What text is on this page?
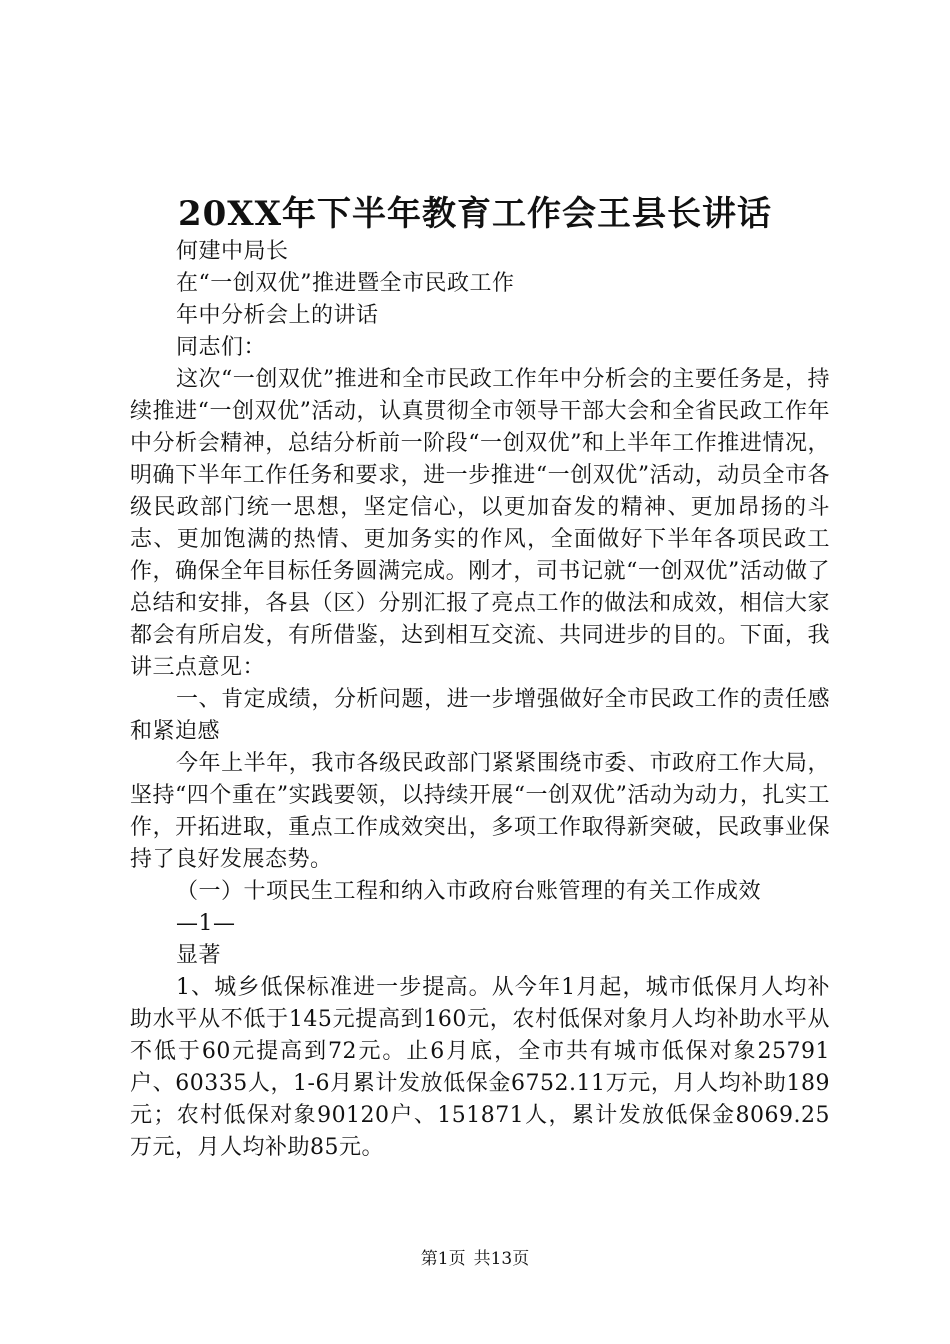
20XX年下半年教育工作会王县长讲话

何建中局长

在“一创双优”推进暨全市民政工作

年中分析会上的讲话

同志们：

这次“一创双优”推进和全市民政工作年中分析会的主要任务是，持续推进“一创双优”活动，认真贯彻全市领导干部大会和全省民政工作年中分析会精神，总结分析前一阶段“一创双优”和上半年工作推进情况，明确下半年工作任务和要求，进一步推进“一创双优”活动，动员全市各级民政部门统一思想，坚定信心，以更加奋发的精神、更加昂扬的斗志、更加饱满的热情、更加务实的作风，全面做好下半年各项民政工作，确保全年目标任务圆满完成。刚才，司书记就“一创双优”活动做了总结和安排，各县（区）分别汇报了亮点工作的做法和成效，相信大家都会有所启发，有所借鉴，达到相互交流、共同进步的目的。下面，我讲三点意见：

一、肯定成绩，分析问题，进一步增强做好全市民政工作的责任感和紧迫感

今年上半年，我市各级民政部门紧紧围绕市委、市政府工作大局，坚持“四个重在”实践要领，以持续开展“一创双优”活动为动力，扎实工作，开拓进取，重点工作成效突出，多项工作取得新突破，民政事业保持了良好发展态势。

（一）十项民生工程和纳入市政府台账管理的有关工作成效

—1—

显著

1、城乡低保标准进一步提高。从今年1月起，城市低保月人均补助水平从不低于145元提高到160元，农村低保对象月人均补助水平从不低于60元提高到72元。止6月底，全市共有城市低保对象25791户、60335人，1-6月累计发放低保金6752.11万元，月人均补助189元；农村低保对象90120户、151871人，累计发放低保金8069.25万元，月人均补助85元。

第1页 共13页
